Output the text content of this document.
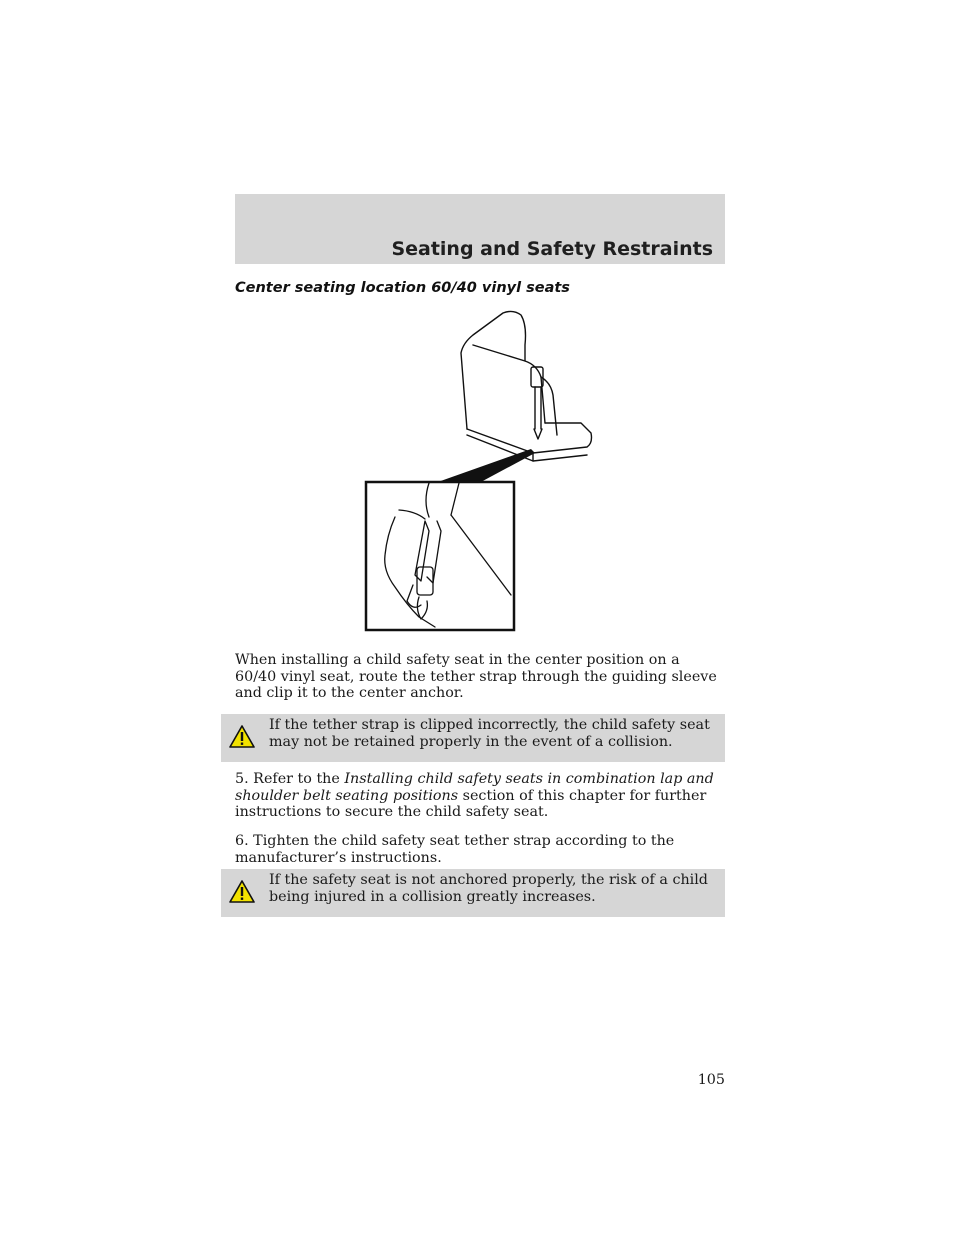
Seating and Safety Restraints
Center seating location 60/40 vinyl seats

When installing a child safety seat in the center position on a 60/40 vinyl seat, route the tether strap through the guiding sleeve and clip it to the center anchor.

If the tether strap is clipped incorrectly, the child safety seat may not be retained properly in the event of a collision.

5. Refer to the Installing child safety seats in combination lap and shoulder belt seating positions section of this chapter for further instructions to secure the child safety seat.

6. Tighten the child safety seat tether strap according to the manufacturer’s instructions.

If the safety seat is not anchored properly, the risk of a child being injured in a collision greatly increases.

105
